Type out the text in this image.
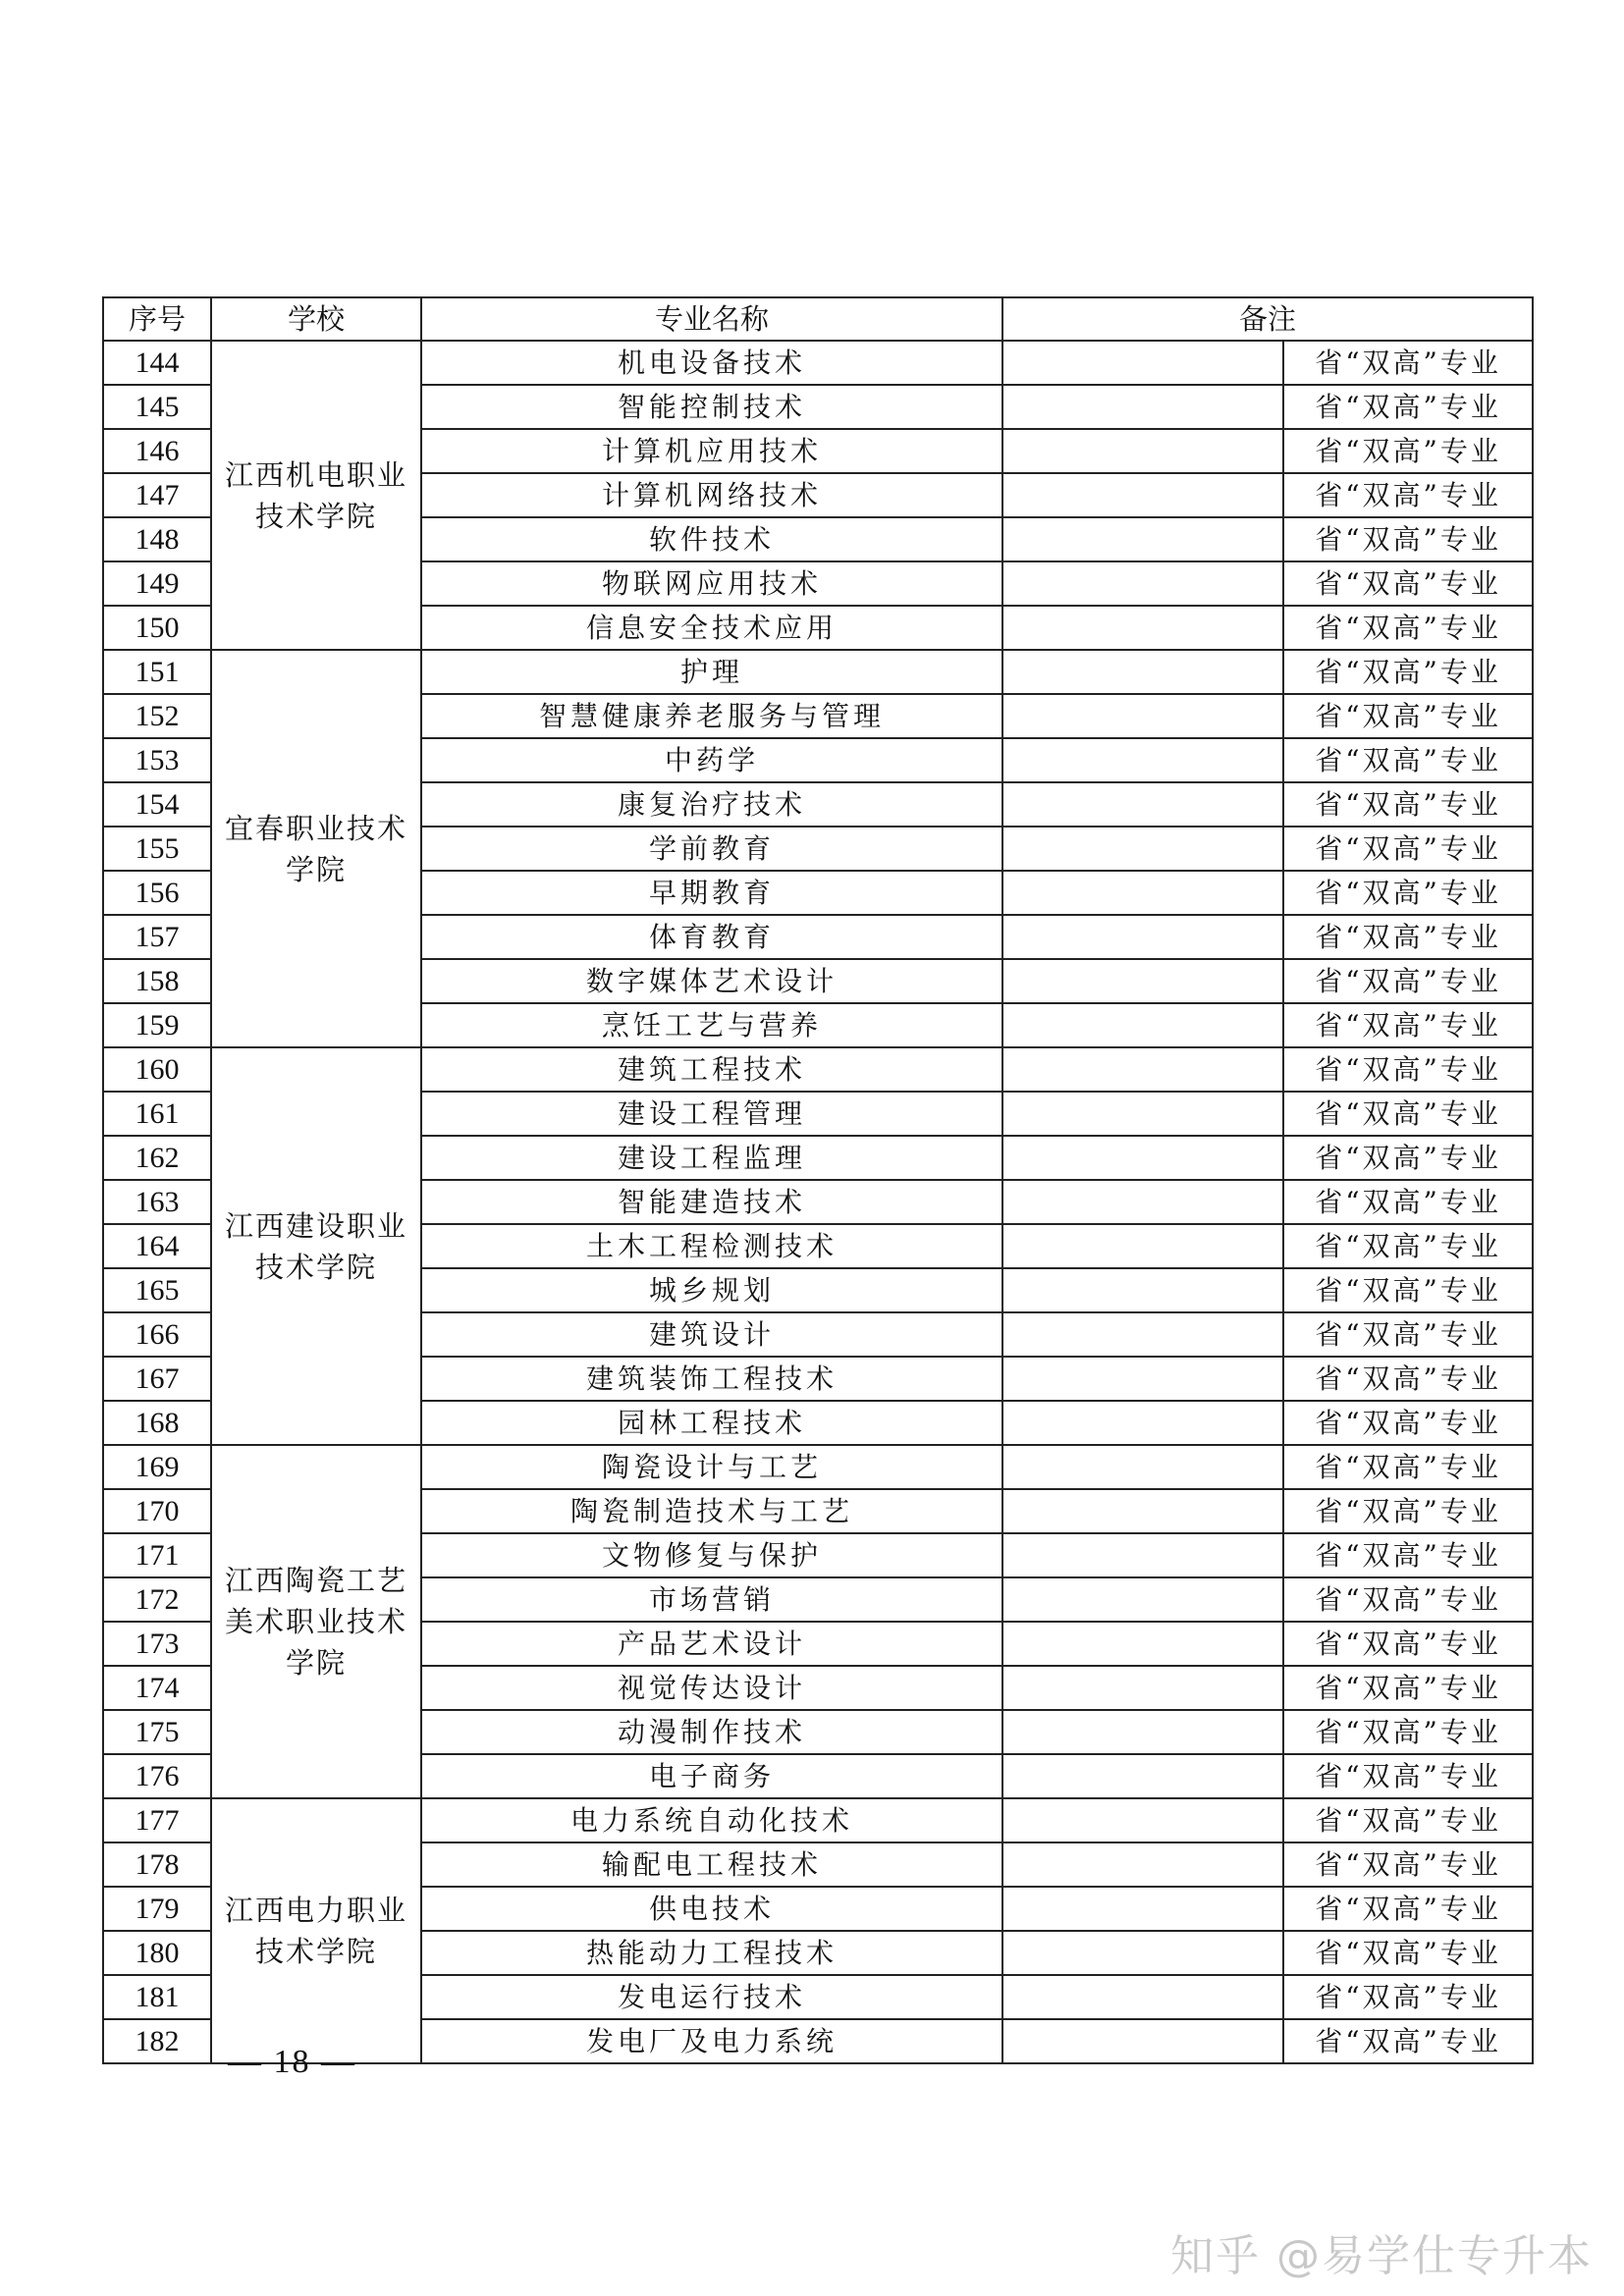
序号	学校	专业名称	备注	
144	江西机电职业技术学院	机电设备技术		省“双高”专业
145		智能控制技术		省“双高”专业
146		计算机应用技术		省“双高”专业
147		计算机网络技术		省“双高”专业
148		软件技术		省“双高”专业
149		物联网应用技术		省“双高”专业
150		信息安全技术应用		省“双高”专业
151	宜春职业技术学院	护理		省“双高”专业
152		智慧健康养老服务与管理		省“双高”专业
153		中药学		省“双高”专业
154		康复治疗技术		省“双高”专业
155		学前教育		省“双高”专业
156		早期教育		省“双高”专业
157		体育教育		省“双高”专业
158		数字媒体艺术设计		省“双高”专业
159		烹饪工艺与营养		省“双高”专业
160	江西建设职业技术学院	建筑工程技术		省“双高”专业
161		建设工程管理		省“双高”专业
162		建设工程监理		省“双高”专业
163		智能建造技术		省“双高”专业
164		土木工程检测技术		省“双高”专业
165		城乡规划		省“双高”专业
166		建筑设计		省“双高”专业
167		建筑装饰工程技术		省“双高”专业
168		园林工程技术		省“双高”专业
169	江西陶瓷工艺美术职业技术学院	陶瓷设计与工艺		省“双高”专业
170		陶瓷制造技术与工艺		省“双高”专业
171		文物修复与保护		省“双高”专业
172		市场营销		省“双高”专业
173		产品艺术设计		省“双高”专业
174		视觉传达设计		省“双高”专业
175		动漫制作技术		省“双高”专业
176		电子商务		省“双高”专业
177	江西电力职业技术学院	电力系统自动化技术		省“双高”专业
178		输配电工程技术		省“双高”专业
179		供电技术		省“双高”专业
180		热能动力工程技术		省“双高”专业
181		发电运行技术		省“双高”专业
182		发电厂及电力系统		省“双高”专业
— 18 —
知乎 @易学仕专升本
